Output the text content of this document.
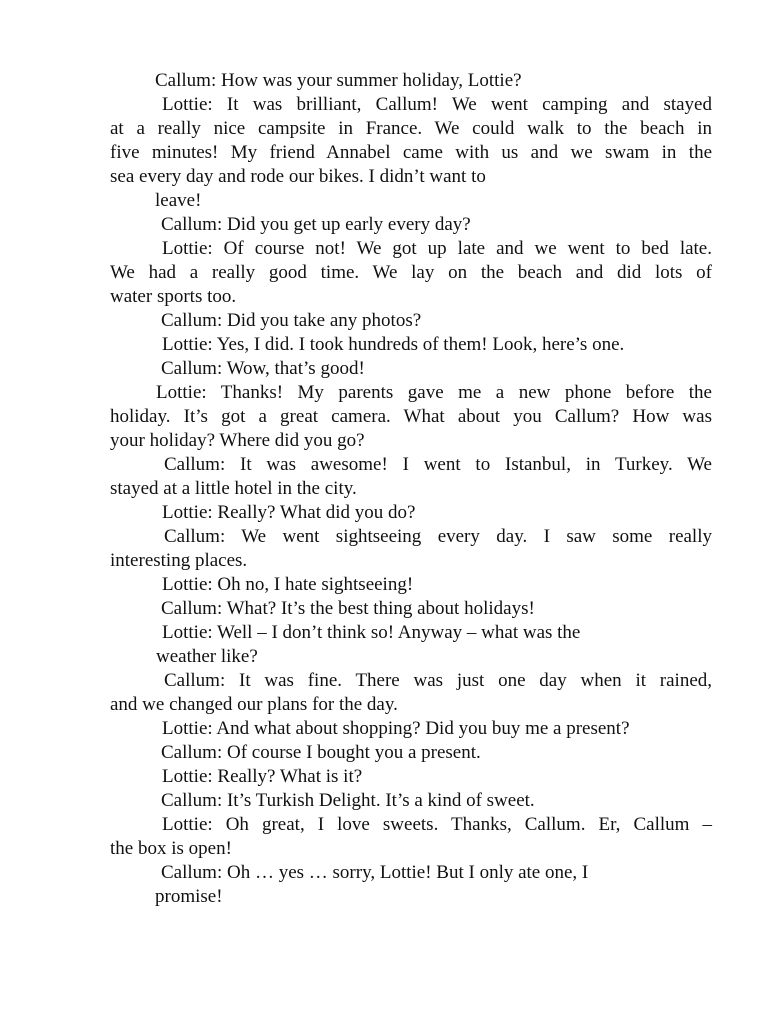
Callum: How was your summer holiday, Lottie?
Lottie: It was brilliant, Callum! We went camping and stayed
at a really nice campsite in France. We could walk to the beach in
five minutes! My friend Annabel came with us and we swam in the
sea every day and rode our bikes. I didn’t want to
leave!
Callum: Did you get up early every day?
Lottie: Of course not! We got up late and we went to bed late.
We had a really good time. We lay on the beach and did lots of
water sports too.
Callum: Did you take any photos?
Lottie: Yes, I did. I took hundreds of them! Look, here’s one.
Callum: Wow, that’s good!
Lottie: Thanks! My parents gave me a new phone before the
holiday. It’s got a great camera. What about you Callum? How was
your holiday? Where did you go?
Callum: It was awesome! I went to Istanbul, in Turkey. We
stayed at a little hotel in the city.
Lottie: Really? What did you do?
Callum: We went sightseeing every day. I saw some really
interesting places.
Lottie: Oh no, I hate sightseeing!
Callum: What? It’s the best thing about holidays!
Lottie: Well – I don’t think so! Anyway – what was the
weather like?
Callum: It was fine. There was just one day when it rained,
and we changed our plans for the day.
Lottie: And what about shopping? Did you buy me a present?
Callum: Of course I bought you a present.
Lottie: Really? What is it?
Callum: It’s Turkish Delight. It’s a kind of sweet.
Lottie: Oh great, I love sweets. Thanks, Callum. Er, Callum –
the box is open!
Callum: Oh … yes … sorry, Lottie! But I only ate one, I
promise!
